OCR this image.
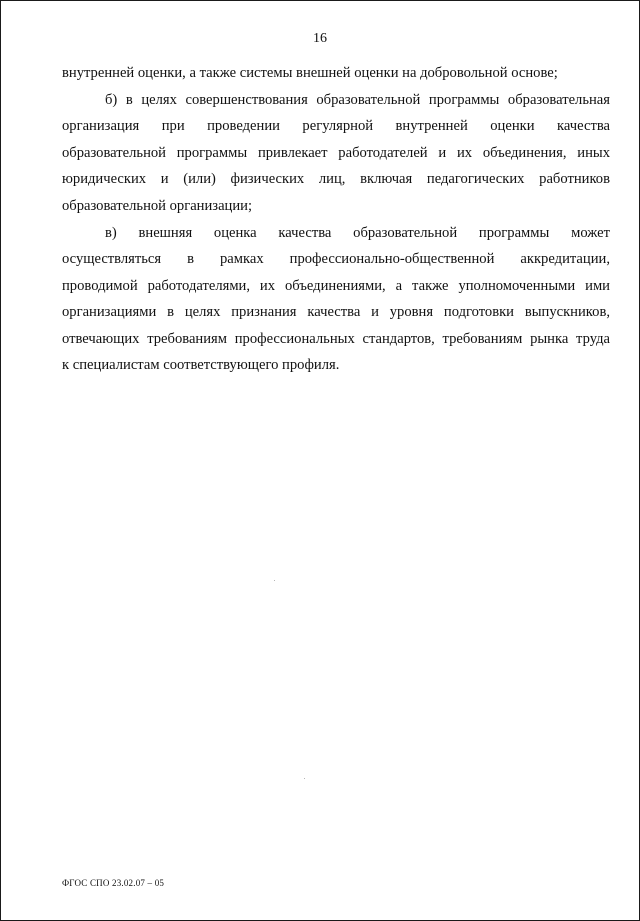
16
внутренней оценки, а также системы внешней оценки на добровольной основе;
б) в целях совершенствования образовательной программы образовательная
организация при проведении регулярной внутренней оценки качества
образовательной программы привлекает работодателей и их объединения, иных
юридических и (или) физических лиц, включая педагогических работников
образовательной организации;
в) внешняя оценка качества образовательной программы может
осуществляться в рамках профессионально-общественной аккредитации,
проводимой работодателями, их объединениями, а также уполномоченными ими
организациями в целях признания качества и уровня подготовки выпускников,
отвечающих требованиям профессиональных стандартов, требованиям рынка труда
к специалистам соответствующего профиля.
ФГОС СПО 23.02.07 – 05
